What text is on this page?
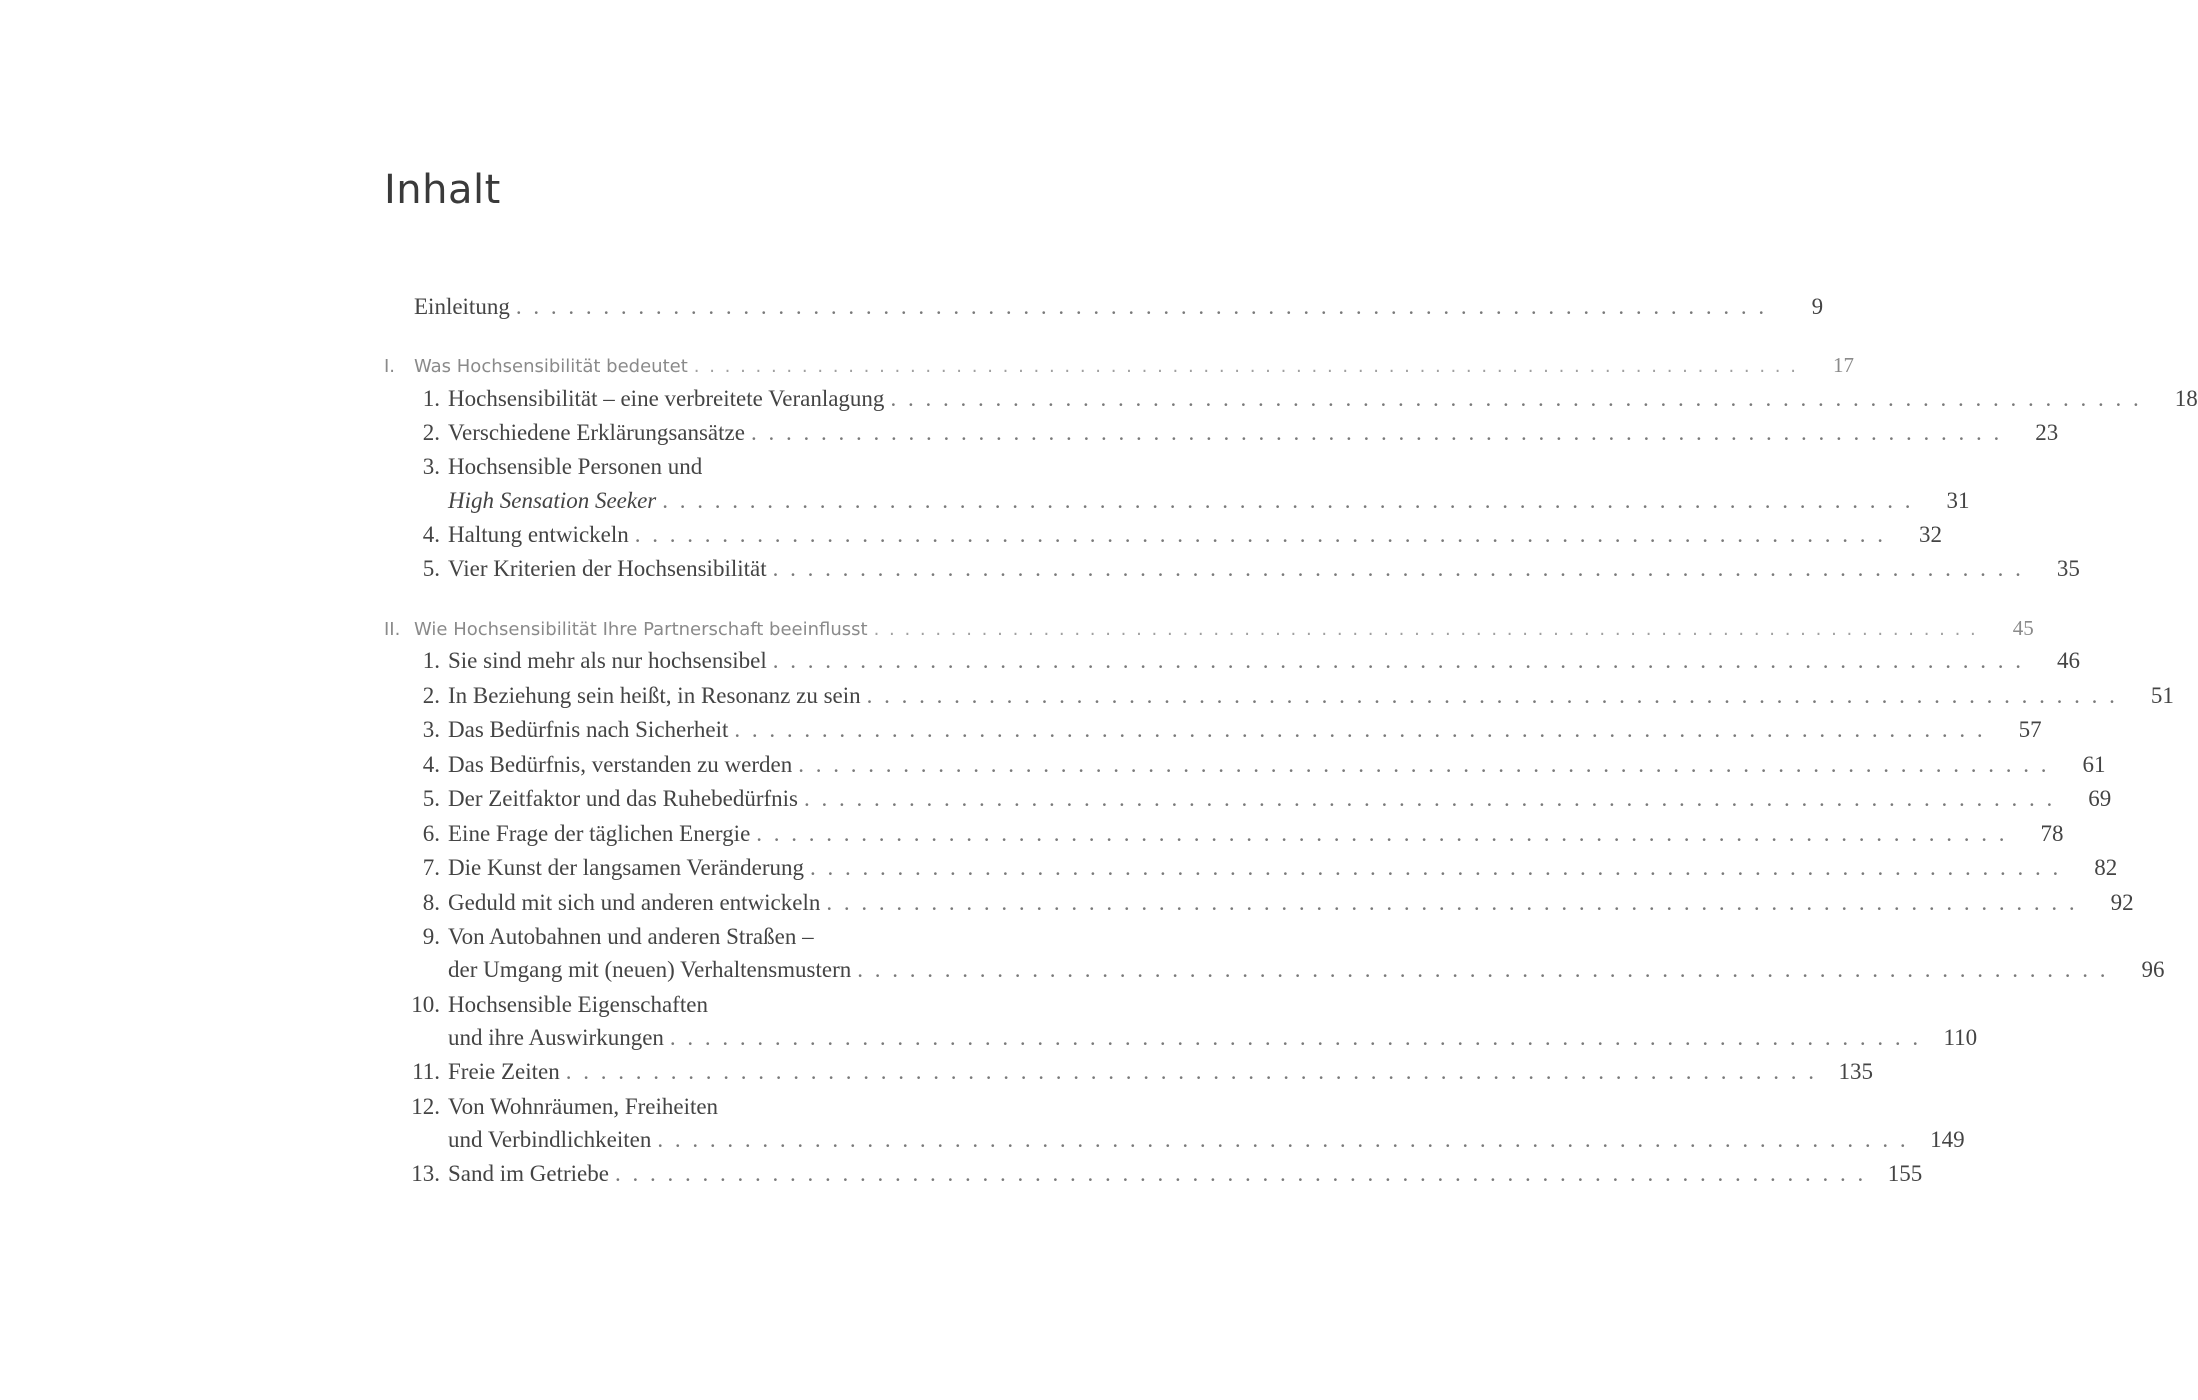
Inhalt
Einleitung . . . . . . . . . . . . . . . . . . . . . . . . . . . . . . . . . . . . . . . . . . . . . . . . . . . . . . . . . . . . . . . . . . . . . . . .	9
I.	Was Hochsensibilität bedeutet . . . . . . . . . . . . . . . . . . . . . . . . . . . . . . . . . . . . . . . . . . . . . . . . . . . . . . . . . . . . . . . . . . . . . . . .	17
1. Hochsensibilität – eine verbreitete Veranlagung . . . . . . . . . . . . . . . . . . . . . . . . . . . . . . . . . . . . . . . . . . . . . . . . . . . . . . . . . . . . . . . . . . . . . . . .	18
2. Verschiedene Erklärungsansätze . . . . . . . . . . . . . . . . . . . . . . . . . . . . . . . . . . . . . . . . . . . . . . . . . . . . . . . . . . . . . . . . . . . . . . . .	23
3. Hochsensible Personen und
High Sensation Seeker . . . . . . . . . . . . . . . . . . . . . . . . . . . . . . . . . . . . . . . . . . . . . . . . . . . . . . . . . . . . . . . . . . . . . . . .	31
4. Haltung entwickeln . . . . . . . . . . . . . . . . . . . . . . . . . . . . . . . . . . . . . . . . . . . . . . . . . . . . . . . . . . . . . . . . . . . . . . . .	32
5. Vier Kriterien der Hochsensibilität . . . . . . . . . . . . . . . . . . . . . . . . . . . . . . . . . . . . . . . . . . . . . . . . . . . . . . . . . . . . . . . . . . . . . . . .	35
II. Wie Hochsensibilität Ihre Partnerschaft beeinflusst . . . . . . . . . . . . . . . . . . . . . . . . . . . . . . . . . . . . . . . . . . . . . . . . . . . . . . . . . . . . . . . . . . . . . . . .	45
1. Sie sind mehr als nur hochsensibel . . . . . . . . . . . . . . . . . . . . . . . . . . . . . . . . . . . . . . . . . . . . . . . . . . . . . . . . . . . . . . . . . . . . . . . .	46
2. In Beziehung sein heißt, in Resonanz zu sein . . . . . . . . . . . . . . . . . . . . . . . . . . . . . . . . . . . . . . . . . . . . . . . . . . . . . . . . . . . . . . . . . . . . . . . .	51
3. Das Bedürfnis nach Sicherheit . . . . . . . . . . . . . . . . . . . . . . . . . . . . . . . . . . . . . . . . . . . . . . . . . . . . . . . . . . . . . . . . . . . . . . . .	57
4. Das Bedürfnis, verstanden zu werden . . . . . . . . . . . . . . . . . . . . . . . . . . . . . . . . . . . . . . . . . . . . . . . . . . . . . . . . . . . . . . . . . . . . . . . .	61
5. Der Zeitfaktor und das Ruhebedürfnis . . . . . . . . . . . . . . . . . . . . . . . . . . . . . . . . . . . . . . . . . . . . . . . . . . . . . . . . . . . . . . . . . . . . . . . .	69
6. Eine Frage der täglichen Energie . . . . . . . . . . . . . . . . . . . . . . . . . . . . . . . . . . . . . . . . . . . . . . . . . . . . . . . . . . . . . . . . . . . . . . . .	78
7. Die Kunst der langsamen Veränderung . . . . . . . . . . . . . . . . . . . . . . . . . . . . . . . . . . . . . . . . . . . . . . . . . . . . . . . . . . . . . . . . . . . . . . . .	82
8. Geduld mit sich und anderen entwickeln . . . . . . . . . . . . . . . . . . . . . . . . . . . . . . . . . . . . . . . . . . . . . . . . . . . . . . . . . . . . . . . . . . . . . . . .	92
9. Von Autobahnen und anderen Straßen –
der Umgang mit (neuen) Verhaltensmustern . . . . . . . . . . . . . . . . . . . . . . . . . . . . . . . . . . . . . . . . . . . . . . . . . . . . . . . . . . . . . . . . . . . . . . . .	96
10. Hochsensible Eigenschaften
und ihre Auswirkungen . . . . . . . . . . . . . . . . . . . . . . . . . . . . . . . . . . . . . . . . . . . . . . . . . . . . . . . . . . . . . . . . . . . . . . . . 110
11. Freie Zeiten . . . . . . . . . . . . . . . . . . . . . . . . . . . . . . . . . . . . . . . . . . . . . . . . . . . . . . . . . . . . . . . . . . . . . . . . 135
12. Von Wohnräumen, Freiheiten
und Verbindlichkeiten . . . . . . . . . . . . . . . . . . . . . . . . . . . . . . . . . . . . . . . . . . . . . . . . . . . . . . . . . . . . . . . . . . . . . . . . 149
13. Sand im Getriebe . . . . . . . . . . . . . . . . . . . . . . . . . . . . . . . . . . . . . . . . . . . . . . . . . . . . . . . . . . . . . . . . . . . . . . . . 155
